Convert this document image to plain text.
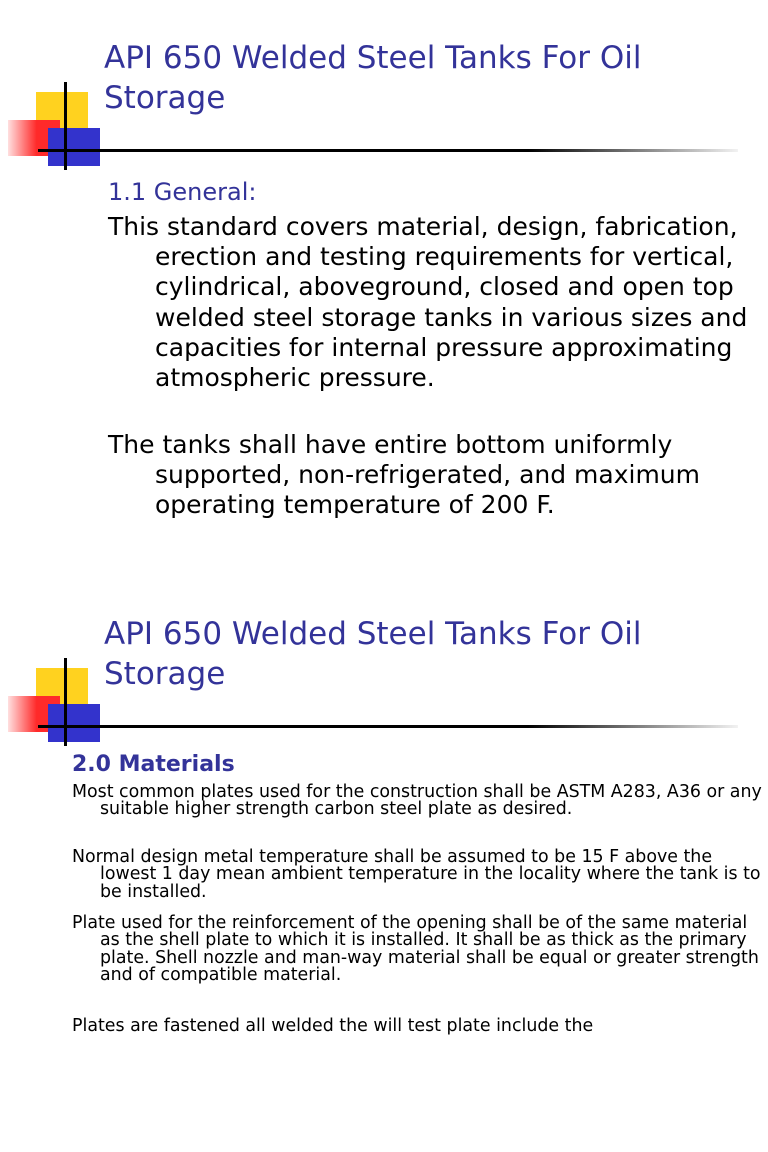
API 650 Welded Steel Tanks For Oil Storage
1.1 General:

This standard covers material, design, fabrication, erection and testing requirements for vertical, cylindrical, aboveground, closed and open top welded steel storage tanks in various sizes and capacities for internal pressure approximating atmospheric pressure.

The tanks shall have entire bottom uniformly supported, non-refrigerated, and maximum operating temperature of 200 F.

API 650 Welded Steel Tanks For Oil Storage
2.0 Materials

Most common plates used for the construction shall be ASTM A283, A36 or any suitable higher strength carbon steel plate as desired.

Normal design metal temperature shall be assumed to be 15 F above the lowest 1 day mean ambient temperature in the locality where the tank is to be installed.

Plate used for the reinforcement of the opening shall be of the same material as the shell plate to which it is installed. It shall be as thick as the primary plate. Shell nozzle and man-way material shall be equal or greater strength and of compatible material.

Plates are fastened all welded the will test plate include the
